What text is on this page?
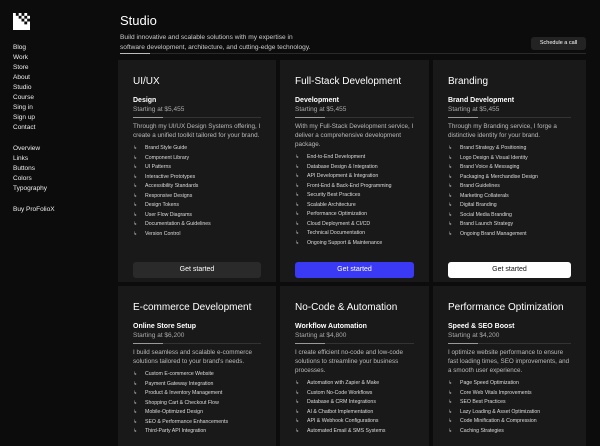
Blog
Work
Store
About
Studio
Course
Sing in
Sign up
Contact
Overview
Links
Buttons
Colors
Typography
Buy ProFolioX
Studio
Build innovative and scalable solutions with my expertise in
software development, architecture, and cutting-edge technology.
Schedule a call
UI/UX
Design
Starting at $5,455
Through my UI/UX Design Systems offering, I create a unified toolkit tailored for your brand.
↳ Brand Style Guide
↳ Component Library
↳ UI Patterns
↳ Interactive Prototypes
↳ Accessibility Standards
↳ Responsive Designs
↳ Design Tokens
↳ User Flow Diagrams
↳ Documentation & Guidelines
↳ Version Control
Get started
Full-Stack Development
Development
Starting at $5,455
With my Full-Stack Development service, I deliver a comprehensive development package.
↳ End-to-End Development
↳ Database Design & Integration
↳ API Development & Integration
↳ Front-End & Back-End Programming
↳ Security Best Practices
↳ Scalable Architecture
↳ Performance Optimization
↳ Cloud Deployment & CI/CD
↳ Technical Documentation
↳ Ongoing Support & Maintenance
Get started
Branding
Brand Development
Starting at $5,455
Through my Branding service, I forge a distinctive identity for your brand.
↳ Brand Strategy & Positioning
↳ Logo Design & Visual Identity
↳ Brand Voice & Messaging
↳ Packaging & Merchandise Design
↳ Brand Guidelines
↳ Marketing Collaterals
↳ Digital Branding
↳ Social Media Branding
↳ Brand Launch Strategy
↳ Ongoing Brand Management
Get started
E-commerce Development
Online Store Setup
Starting at $6,200
I build seamless and scalable e-commerce solutions tailored to your brand's needs.
↳ Custom E-commerce Website
↳ Payment Gateway Integration
↳ Product & Inventory Management
↳ Shopping Cart & Checkout Flow
↳ Mobile-Optimized Design
↳ SEO & Performance Enhancements
↳ Third-Party API Integration
No-Code & Automation
Workflow Automation
Starting at $4,800
I create efficient no-code and low-code solutions to streamline your business processes.
↳ Automation with Zapier & Make
↳ Custom No-Code Workflows
↳ Database & CRM Integrations
↳ AI & Chatbot Implementation
↳ API & Webhook Configurations
↳ Automated Email & SMS Systems
Performance Optimization
Speed & SEO Boost
Starting at $4,200
I optimize website performance to ensure fast loading times, SEO improvements, and a smooth user experience.
↳ Page Speed Optimization
↳ Core Web Vitals Improvements
↳ SEO Best Practices
↳ Lazy Loading & Asset Optimization
↳ Code Minification & Compression
↳ Caching Strategies
